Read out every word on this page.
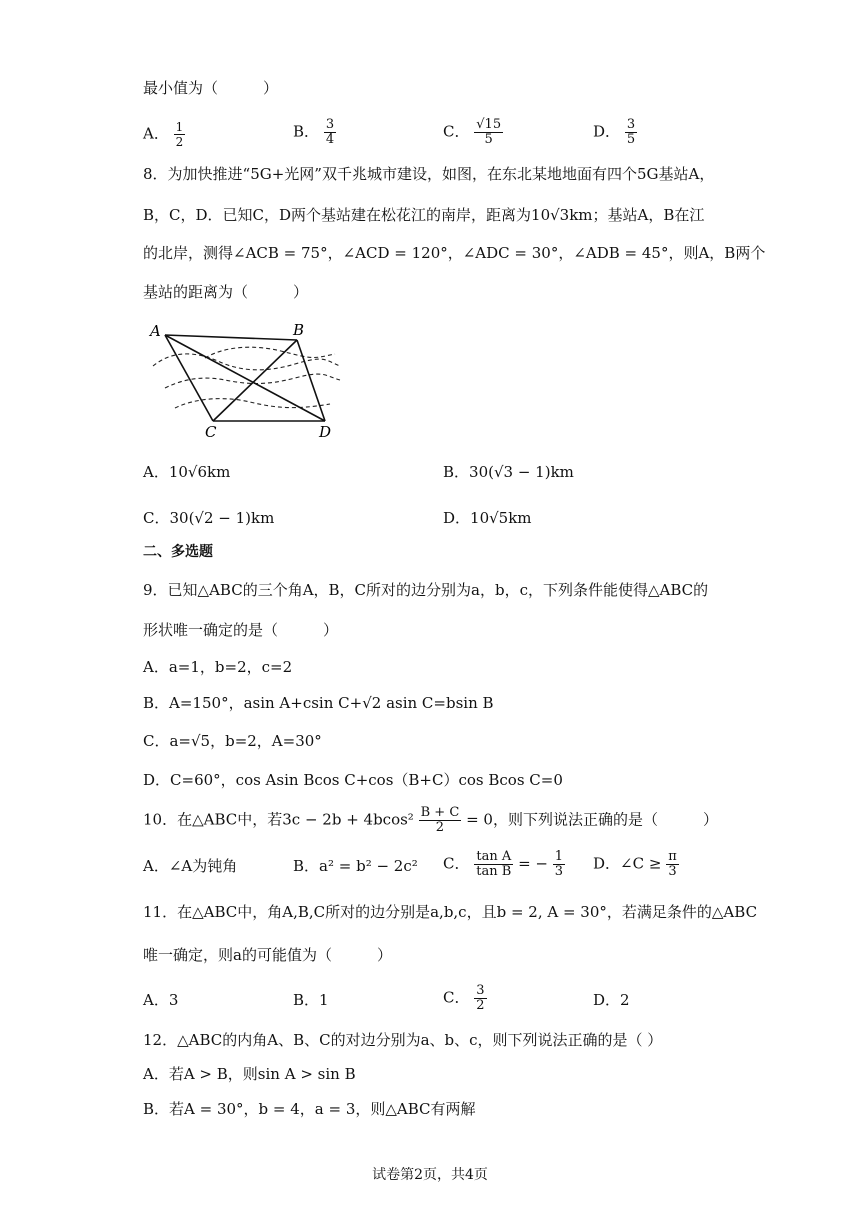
最小值为（　　　）
A． $\frac{1}{2}$	B． $\frac{3}{4}$	C． $\frac{√15}{5}$	D． $\frac{3}{5}$
8．为加快推进“5G+光网”双千兆城市建设，如图，在东北某地地面有四个5G基站A，
B，C，D．已知C，D两个基站建在松花江的南岸，距离为10√3km；基站A，B在江
的北岸，测得∠ACB = 75°，∠ACD = 120°，∠ADC = 30°，∠ADB = 45°，则A，B两个
基站的距离为（　　　）
A	B
C	D
A．10√6km	B．30(√3 − 1)km
C．30(√2 − 1)km	D．10√5km
二、多选题
9．已知△ABC的三个角A，B，C所对的边分别为a，b，c，下列条件能使得△ABC的
形状唯一确定的是（　　　）
A．a=1，b=2，c=2
B．A=150°，asin A+csin C+√2 asin C=bsin B
C．a=√5，b=2，A=30°
D．C=60°，cos Asin Bcos C+cos（B+C）cos Bcos C=0
10．在△ABC中，若$3c - 2b + 4bcos^2 \frac{B + C}{2} = 0$，则下列说法正确的是（　　　）
A．∠A为钝角	B．a² = b² − 2c² C． $\frac{\text{tan A}}{\text{tan B}}$ = − $\frac{1}{3}$ D．∠C ≥ $\frac{\pi}{3}$
11．在△ABC中，角A,B,C所对的边分别是a,b,c，且b = 2, A = 30°，若满足条件的△ABC
唯一确定，则a的可能值为（　　　）
A．3	B．1	C． $\frac{3}{2}$	D．2
12．△ABC的内角A、B、C的对边分别为a、b、c，则下列说法正确的是（ ）
A．若A > B，则sin A > sin B
B．若A = 30°，b = 4，a = 3，则△ABC有两解
试卷第2页，共4页
